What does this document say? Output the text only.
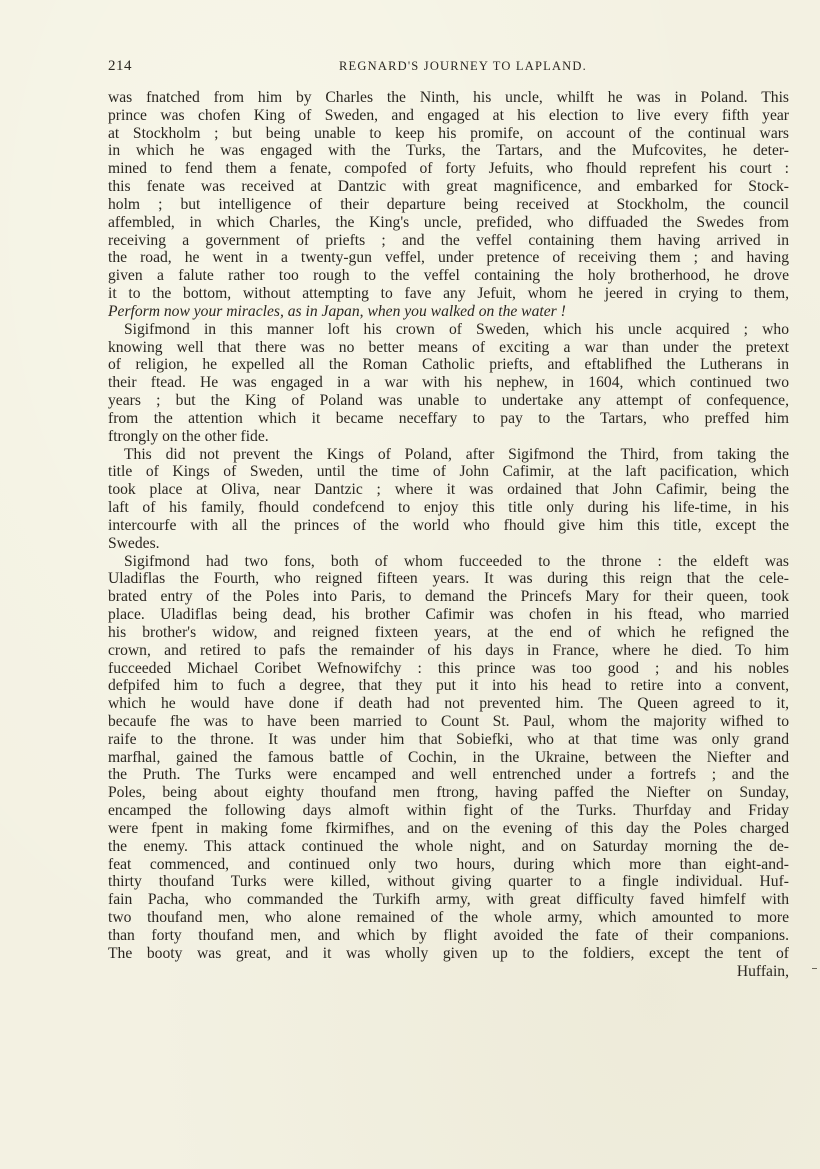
214	REGNARD'S JOURNEY TO LAPLAND.
was fnatched from him by Charles the Ninth, his uncle, whilft he was in Poland. This
prince was chofen King of Sweden, and engaged at his election to live every fifth year
at Stockholm ; but being unable to keep his promife, on account of the continual wars
in which he was engaged with the Turks, the Tartars, and the Mufcovites, he deter-
mined to fend them a fenate, compofed of forty Jefuits, who fhould reprefent his court :
this fenate was received at Dantzic with great magnificence, and embarked for Stock-
holm ; but intelligence of their departure being received at Stockholm, the council
affembled, in which Charles, the King's uncle, prefided, who diffuaded the Swedes from
receiving a government of priefts ; and the veffel containing them having arrived in
the road, he went in a twenty-gun veffel, under pretence of receiving them ; and having
given a falute rather too rough to the veffel containing the holy brotherhood, he drove
it to the bottom, without attempting to fave any Jefuit, whom he jeered in crying to them,
Perform now your miracles, as in Japan, when you walked on the water !
Sigifmond in this manner loft his crown of Sweden, which his uncle acquired ; who
knowing well that there was no better means of exciting a war than under the pretext
of religion, he expelled all the Roman Catholic priefts, and eftablifhed the Lutherans in
their ftead. He was engaged in a war with his nephew, in 1604, which continued two
years ; but the King of Poland was unable to undertake any attempt of confequence,
from the attention which it became neceffary to pay to the Tartars, who preffed him
ftrongly on the other fide.
This did not prevent the Kings of Poland, after Sigifmond the Third, from taking the
title of Kings of Sweden, until the time of John Cafimir, at the laft pacification, which
took place at Oliva, near Dantzic ; where it was ordained that John Cafimir, being the
laft of his family, fhould condefcend to enjoy this title only during his life-time, in his
intercourfe with all the princes of the world who fhould give him this title, except the
Swedes.
Sigifmond had two fons, both of whom fucceeded to the throne : the eldeft was
Uladiflas the Fourth, who reigned fifteen years. It was during this reign that the cele-
brated entry of the Poles into Paris, to demand the Princefs Mary for their queen, took
place. Uladiflas being dead, his brother Cafimir was chofen in his ftead, who married
his brother's widow, and reigned fixteen years, at the end of which he refigned the
crown, and retired to pafs the remainder of his days in France, where he died. To him
fucceeded Michael Coribet Wefnowifchy : this prince was too good ; and his nobles
defpifed him to fuch a degree, that they put it into his head to retire into a convent,
which he would have done if death had not prevented him. The Queen agreed to it,
becaufe fhe was to have been married to Count St. Paul, whom the majority wifhed to
raife to the throne. It was under him that Sobiefki, who at that time was only grand
marfhal, gained the famous battle of Cochin, in the Ukraine, between the Niefter and
the Pruth. The Turks were encamped and well entrenched under a fortrefs ; and the
Poles, being about eighty thoufand men ftrong, having paffed the Niefter on Sunday,
encamped the following days almoft within fight of the Turks. Thurfday and Friday
were fpent in making fome fkirmifhes, and on the evening of this day the Poles charged
the enemy. This attack continued the whole night, and on Saturday morning the de-
feat commenced, and continued only two hours, during which more than eight-and-
thirty thoufand Turks were killed, without giving quarter to a fingle individual. Huf-
fain Pacha, who commanded the Turkifh army, with great difficulty faved himfelf with
two thoufand men, who alone remained of the whole army, which amounted to more
than forty thoufand men, and which by flight avoided the fate of their companions.
The booty was great, and it was wholly given up to the foldiers, except the tent of
Huffain,
